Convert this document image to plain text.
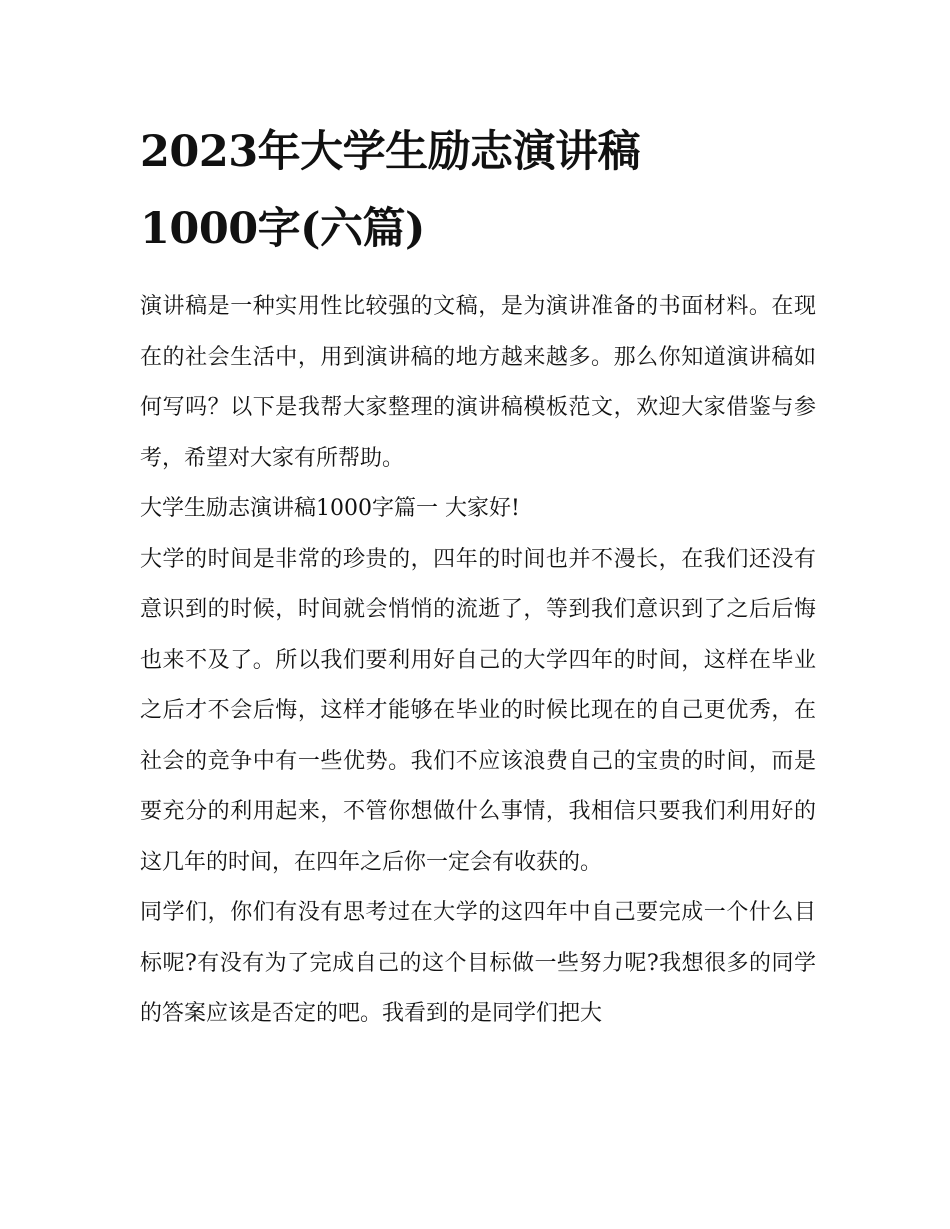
2023年大学生励志演讲稿
1000字(六篇)

演讲稿是一种实用性比较强的文稿，是为演讲准备的书面材料。在现在的社会生活中，用到演讲稿的地方越来越多。那么你知道演讲稿如何写吗？以下是我帮大家整理的演讲稿模板范文，欢迎大家借鉴与参考，希望对大家有所帮助。

大学生励志演讲稿1000字篇一 大家好!

大学的时间是非常的珍贵的，四年的时间也并不漫长，在我们还没有意识到的时候，时间就会悄悄的流逝了，等到我们意识到了之后后悔也来不及了。所以我们要利用好自己的大学四年的时间，这样在毕业之后才不会后悔，这样才能够在毕业的时候比现在的自己更优秀，在社会的竞争中有一些优势。我们不应该浪费自己的宝贵的时间，而是要充分的利用起来，不管你想做什么事情，我相信只要我们利用好的这几年的时间，在四年之后你一定会有收获的。

同学们，你们有没有思考过在大学的这四年中自己要完成一个什么目标呢?有没有为了完成自己的这个目标做一些努力呢?我想很多的同学的答案应该是否定的吧。我看到的是同学们把大
